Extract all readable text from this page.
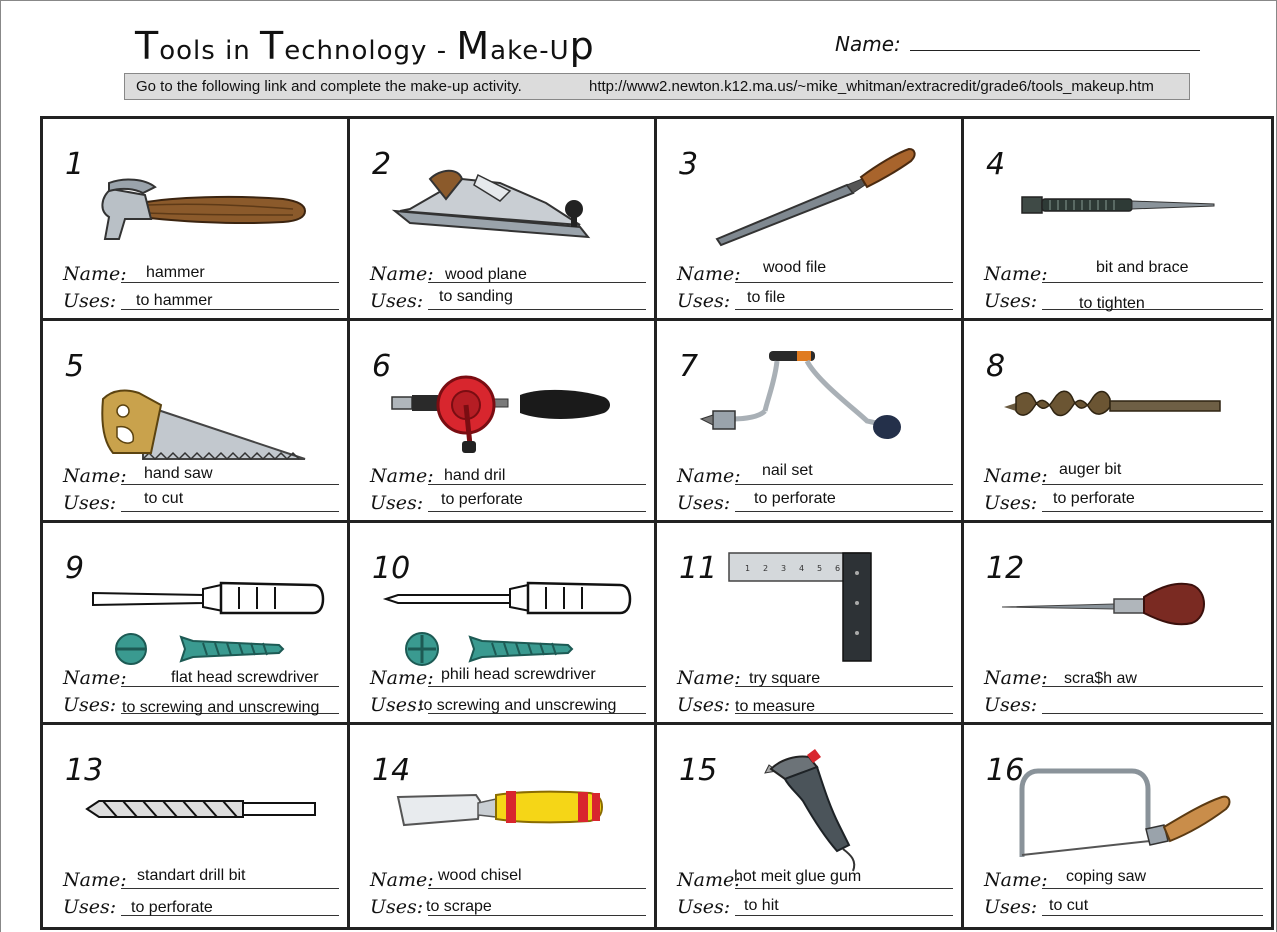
Tools in Technology - Make-Up	Name:
Go to the following link and complete the make-up activity.	http://www2.newton.k12.ma.us/~mike_whitman/extracredit/grade6/tools_makeup.htm
1
Name: hammer
Uses: to hammer
2
Name: wood plane
Uses: to sanding
3
Name: wood file
Uses: to file
4
Name:	bit and brace
Uses:	to tighten
5
Name: hand saw
Uses: to cut
6
Name: hand dril
Uses: to perforate
7
Name: nail set
Uses: to perforate
8
Name: auger bit
Uses: to perforate
9
Name:	flat head screwdriver
Uses: to screwing and unscrewing
10
Name: phili head screwdriver
Uses:
to screwing and unscrewing
11	1 2 3 4 5 6
Name: try square
Uses: to measure
12
Name: scra$h aw
Uses:
13
Name: standart drill bit
Uses: to perforate
14
Name: wood chisel
Uses: to scrape
15
Name:
hot meit glue gum
Uses: to hit
16
Name: coping saw
Uses: to cut
